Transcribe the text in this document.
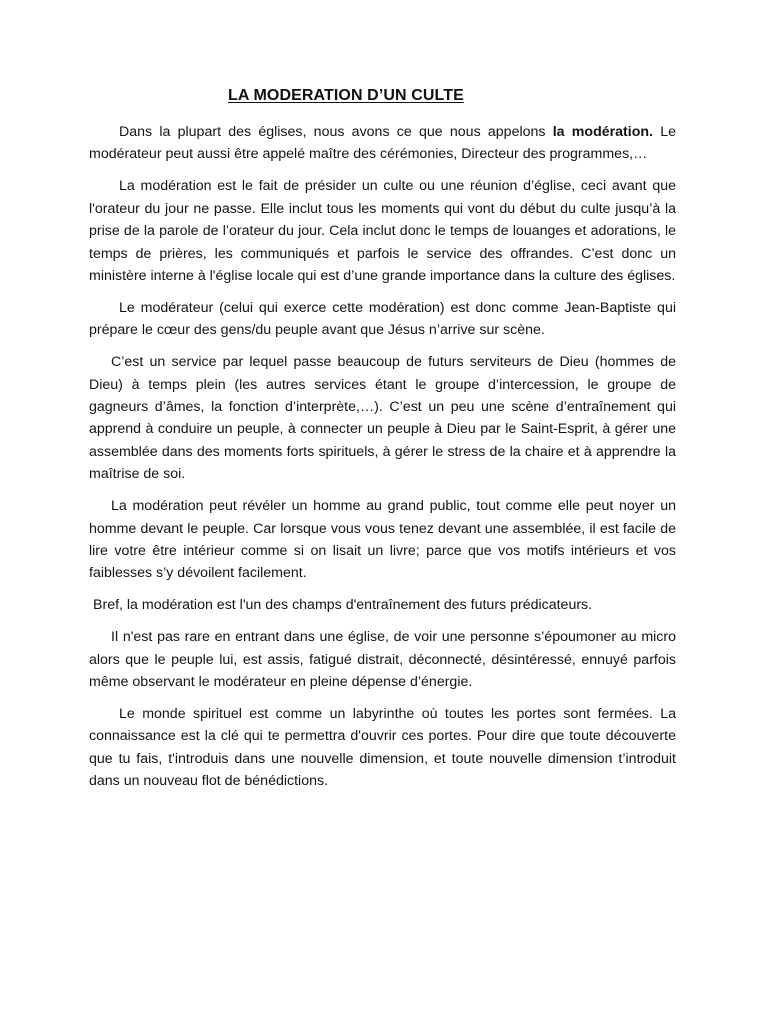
LA MODERATION D’UN CULTE

Dans la plupart des églises, nous avons ce que nous appelons la modération. Le modérateur peut aussi être appelé maître des cérémonies, Directeur des programmes,…

La modération est le fait de présider un culte ou une réunion d’église, ceci avant que l'orateur du jour ne passe. Elle inclut tous les moments qui vont du début du culte jusqu’à la prise de la parole de l’orateur du jour. Cela inclut donc le temps de louanges et adorations, le temps de prières, les communiqués et parfois le service des offrandes. C’est donc un ministère interne à l'église locale qui est d’une grande importance dans la culture des églises.

Le modérateur (celui qui exerce cette modération) est donc comme Jean-Baptiste qui prépare le cœur des gens/du peuple avant que Jésus n’arrive sur scène.

C’est un service par lequel passe beaucoup de futurs serviteurs de Dieu (hommes de Dieu) à temps plein (les autres services étant le groupe d’intercession, le groupe de gagneurs d’âmes, la fonction d’interprète,…). C’est un peu une scène d’entraînement qui apprend à conduire un peuple, à connecter un peuple à Dieu par le Saint-Esprit, à gérer une assemblée dans des moments forts spirituels, à gérer le stress de la chaire et à apprendre la maîtrise de soi.

La modération peut révéler un homme au grand public, tout comme elle peut noyer un homme devant le peuple. Car lorsque vous vous tenez devant une assemblée, il est facile de lire votre être intérieur comme si on lisait un livre; parce que vos motifs intérieurs et vos faiblesses s’y dévoilent facilement.

Bref, la modération est l'un des champs d'entraînement des futurs prédicateurs.

Il n'est pas rare en entrant dans une église, de voir une personne s’époumoner au micro alors que le peuple lui, est assis, fatigué distrait, déconnecté, désintéressé, ennuyé parfois même observant le modérateur en pleine dépense d’énergie.

Le monde spirituel est comme un labyrinthe où toutes les portes sont fermées. La connaissance est la clé qui te permettra d'ouvrir ces portes. Pour dire que toute découverte que tu fais, t'introduis dans une nouvelle dimension, et toute nouvelle dimension t’introduit dans un nouveau flot de bénédictions.
